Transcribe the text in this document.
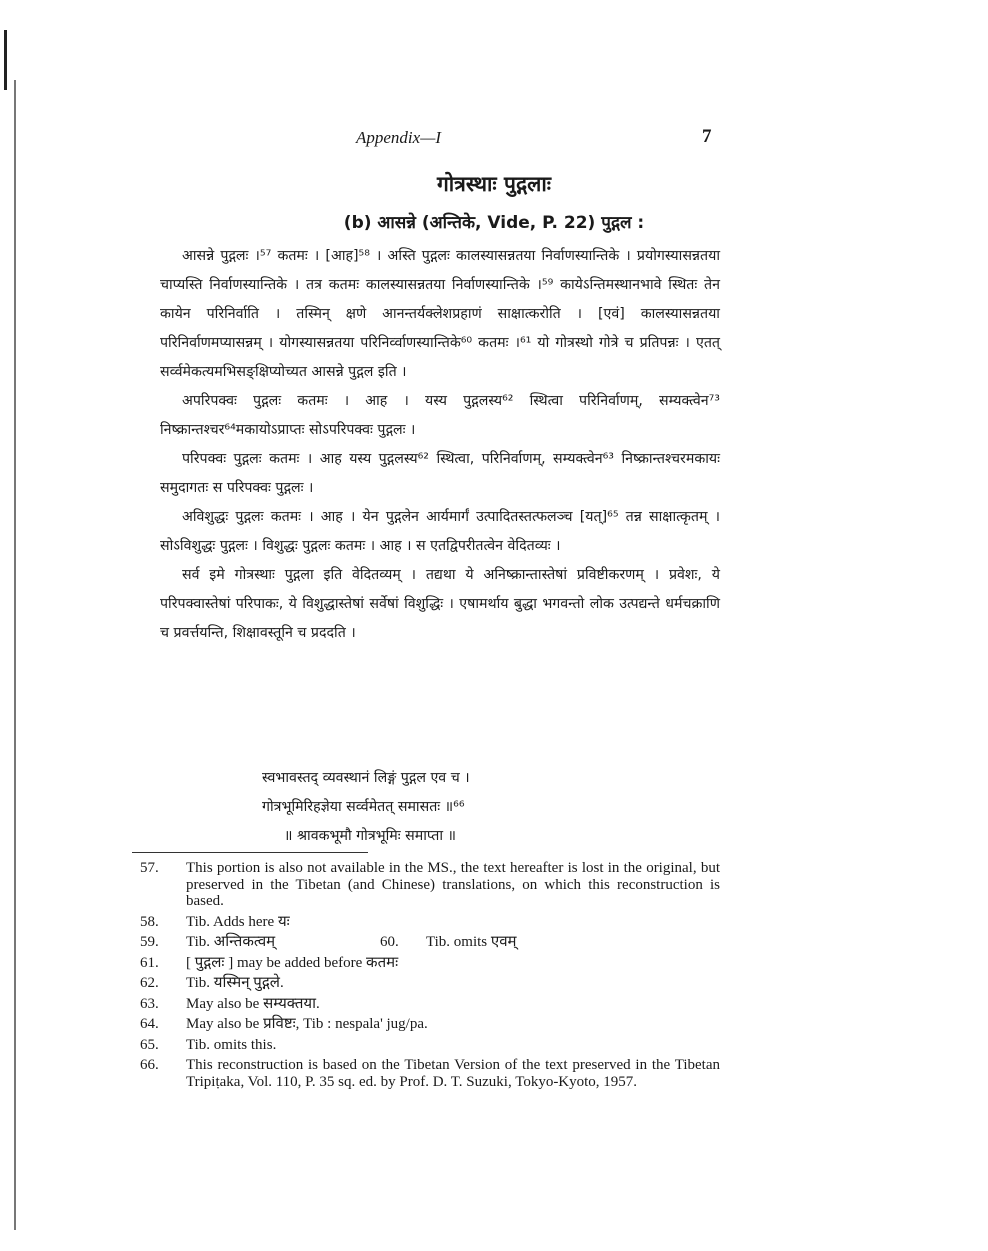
Appendix—I	7
गोत्रस्थाः पुद्गलाः
(b) आसन्ने (अन्तिके, Vide, P. 22) पुद्गल :

आसन्ने पुद्गलः ।⁵⁷ कतमः । [आह]⁵⁸ । अस्ति पुद्गलः कालस्यासन्नतया निर्वाणस्यान्तिके । प्रयोगस्यासन्नतया चाप्यस्ति निर्वाणस्यान्तिके । तत्र कतमः कालस्यासन्नतया निर्वाणस्यान्तिके ।⁵⁹ कायेऽन्तिमस्थानभावे स्थितः तेन कायेन परिनिर्वाति । तस्मिन् क्षणे आनन्तर्यक्लेशप्रहाणं साक्षात्करोति । [एवं] कालस्यासन्नतया परिनिर्वाणमप्यासन्नम् । योगस्यासन्नतया परिनिर्व्वाणस्यान्तिके⁶⁰ कतमः ।⁶¹ यो गोत्रस्थो गोत्रे च प्रतिपन्नः । एतत् सर्व्वमेकत्यमभिसङ्क्षिप्योच्यत आसन्ने पुद्गल इति ।

अपरिपक्वः पुद्गलः कतमः । आह । यस्य पुद्गलस्य⁶² स्थित्वा परिनिर्वाणम्, सम्यक्त्वेन⁷³ निष्क्रान्तश्चर⁶⁴मकायोऽप्राप्तः सोऽपरिपक्वः पुद्गलः ।

परिपक्वः पुद्गलः कतमः । आह यस्य पुद्गलस्य⁶² स्थित्वा, परिनिर्वाणम्, सम्यक्त्वेन⁶³ निष्क्रान्तश्चरमकायः समुदागतः स परिपक्वः पुद्गलः ।

अविशुद्धः पुद्गलः कतमः । आह । येन पुद्गलेन आर्यमार्गं उत्पादितस्तत्फलञ्च [यत्]⁶⁵ तन्न साक्षात्कृतम् । सोऽविशुद्धः पुद्गलः । विशुद्धः पुद्गलः कतमः । आह । स एतद्विपरीतत्वेन वेदितव्यः ।

सर्व इमे गोत्रस्थाः पुद्गला इति वेदितव्यम् । तद्यथा ये अनिष्क्रान्तास्तेषां प्रविष्टीकरणम् । प्रवेशः, ये परिपक्वास्तेषां परिपाकः, ये विशुद्धास्तेषां सर्वेषां विशुद्धिः । एषामर्थाय बुद्धा भगवन्तो लोक उत्पद्यन्ते धर्मचक्राणि च प्रवर्त्तयन्ति, शिक्षावस्तूनि च प्रददति ।

स्वभावस्तद् व्यवस्थानं लिङ्गं पुद्गल एव च ।
गोत्रभूमिरिहज्ञेया सर्व्वमेतत् समासतः ॥⁶⁶
॥ श्रावकभूमौ गोत्रभूमिः समाप्ता ॥
57.	This portion is also not available in the MS., the text hereafter is lost in the original, but preserved in the Tibetan (and Chinese) translations, on which this reconstruction is based.
58.	Tib. Adds here यः
59.	Tib. अन्तिकत्वम्	60.	Tib. omits एवम्
61.	[ पुद्गलः ] may be added before कतमः
62.	Tib. यस्मिन् पुद्गले.
63.	May also be सम्यक्तया.
64.	May also be प्रविष्टः, Tib : nespala' jug/pa.
65.	Tib. omits this.
66.	This reconstruction is based on the Tibetan Version of the text preserved in the Tibetan Tripiṭaka, Vol. 110, P. 35 sq. ed. by Prof. D. T. Suzuki, Tokyo-Kyoto, 1957.
